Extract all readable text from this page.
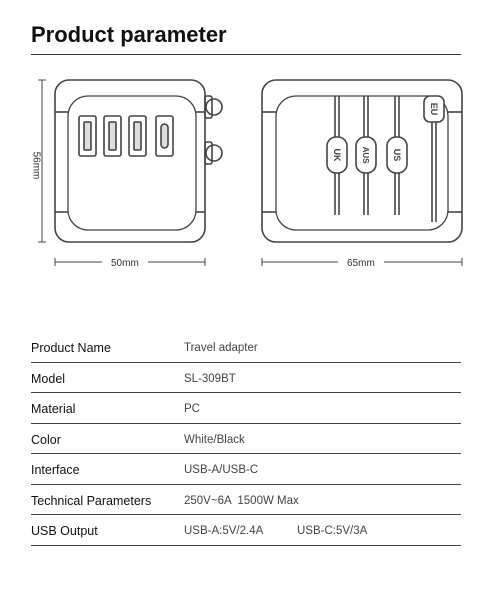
Product parameter
UK AUS US
EU
56mm
50mm	65mm
Product Name	Travel adapter
Model	SL-309BT
Material	PC
Color	White/Black
Interface	USB-A/USB-C
Technical Parameters	250V~6A  1500W Max
USB Output	USB-A:5V/2.4A	USB-C:5V/3A
